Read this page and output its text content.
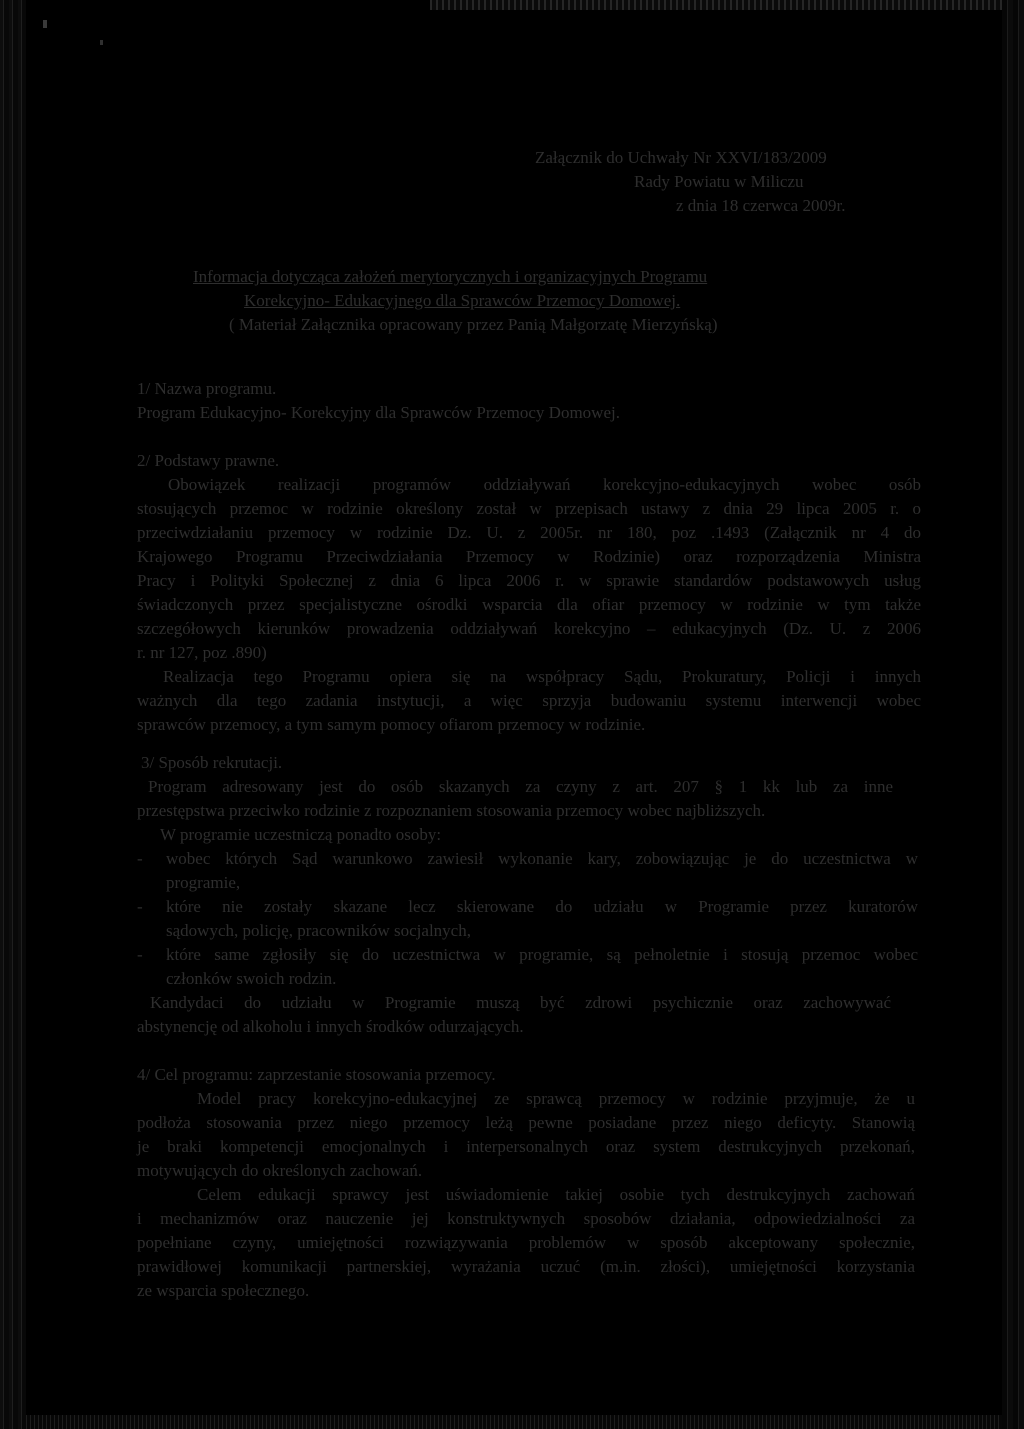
Załącznik do Uchwały Nr XXVI/183/2009
Rady Powiatu w Miliczu
z dnia 18 czerwca 2009r.
Informacja dotycząca założeń merytorycznych i organizacyjnych Programu
Korekcyjno- Edukacyjnego dla Sprawców Przemocy Domowej.
( Materiał Załącznika opracowany przez Panią Małgorzatę Mierzyńską)
1/ Nazwa programu.
Program Edukacyjno- Korekcyjny dla Sprawców Przemocy Domowej.
2/ Podstawy prawne.
Obowiązek realizacji programów oddziaływań korekcyjno-edukacyjnych wobec osób
stosujących przemoc w rodzinie określony został w przepisach ustawy z dnia 29 lipca 2005 r. o
przeciwdziałaniu przemocy w rodzinie Dz. U. z 2005r. nr 180, poz .1493 (Załącznik nr 4 do
Krajowego Programu Przeciwdziałania Przemocy w Rodzinie) oraz rozporządzenia Ministra
Pracy i Polityki Społecznej z dnia 6 lipca 2006 r. w sprawie standardów podstawowych usług
świadczonych przez specjalistyczne ośrodki wsparcia dla ofiar przemocy w rodzinie w tym także
szczegółowych kierunków prowadzenia oddziaływań korekcyjno – edukacyjnych (Dz. U. z 2006
r. nr 127, poz .890)
Realizacja tego Programu opiera się na współpracy Sądu, Prokuratury, Policji i innych
ważnych dla tego zadania instytucji, a więc sprzyja budowaniu systemu interwencji wobec
sprawców przemocy, a tym samym pomocy ofiarom przemocy w rodzinie.
3/ Sposób rekrutacji.
Program adresowany jest do osób skazanych za czyny z art. 207 § 1 kk lub za inne
przestępstwa przeciwko rodzinie z rozpoznaniem stosowania przemocy wobec najbliższych.
W programie uczestniczą ponadto osoby:
- wobec których Sąd warunkowo zawiesił wykonanie kary, zobowiązując je do uczestnictwa w
programie,
- które nie zostały skazane lecz skierowane do udziału w Programie przez kuratorów
sądowych, policję, pracowników socjalnych,
- które same zgłosiły się do uczestnictwa w programie, są pełnoletnie i stosują przemoc wobec
członków swoich rodzin.
Kandydaci do udziału w Programie muszą być zdrowi psychicznie oraz zachowywać
abstynencję od alkoholu i innych środków odurzających.
4/ Cel programu: zaprzestanie stosowania przemocy.
Model pracy korekcyjno-edukacyjnej ze sprawcą przemocy w rodzinie przyjmuje, że u
podłoża stosowania przez niego przemocy leżą pewne posiadane przez niego deficyty. Stanowią
je braki kompetencji emocjonalnych i interpersonalnych oraz system destrukcyjnych przekonań,
motywujących do określonych zachowań.
Celem edukacji sprawcy jest uświadomienie takiej osobie tych destrukcyjnych zachowań
i mechanizmów oraz nauczenie jej konstruktywnych sposobów działania, odpowiedzialności za
popełniane czyny, umiejętności rozwiązywania problemów w sposób akceptowany społecznie,
prawidłowej komunikacji partnerskiej, wyrażania uczuć (m.in. złości), umiejętności korzystania
ze wsparcia społecznego.
